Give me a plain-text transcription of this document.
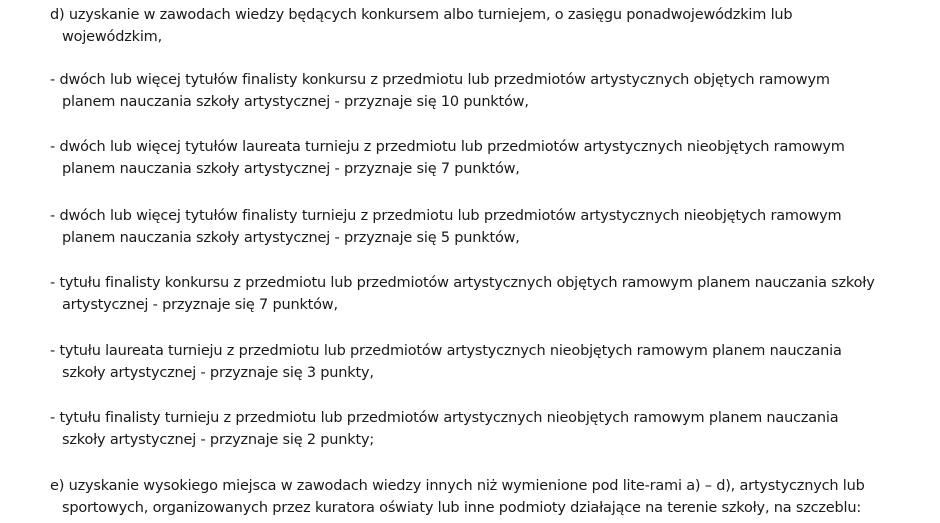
d) uzyskanie w zawodach wiedzy będących konkursem albo turniejem, o zasięgu ponadwojewódzkim lub
wojewódzkim,

- dwóch lub więcej tytułów finalisty konkursu z przedmiotu lub przedmiotów artystycznych objętych ramowym
planem nauczania szkoły artystycznej - przyznaje się 10 punktów,

- dwóch lub więcej tytułów laureata turnieju z przedmiotu lub przedmiotów artystycznych nieobjętych ramowym
planem nauczania szkoły artystycznej - przyznaje się 7 punktów,

- dwóch lub więcej tytułów finalisty turnieju z przedmiotu lub przedmiotów artystycznych nieobjętych ramowym
planem nauczania szkoły artystycznej - przyznaje się 5 punktów,

- tytułu finalisty konkursu z przedmiotu lub przedmiotów artystycznych objętych ramowym planem nauczania szkoły
artystycznej - przyznaje się 7 punktów,

- tytułu laureata turnieju z przedmiotu lub przedmiotów artystycznych nieobjętych ramowym planem nauczania
szkoły artystycznej - przyznaje się 3 punkty,

- tytułu finalisty turnieju z przedmiotu lub przedmiotów artystycznych nieobjętych ramowym planem nauczania
szkoły artystycznej - przyznaje się 2 punkty;

e) uzyskanie wysokiego miejsca w zawodach wiedzy innych niż wymienione pod lite-rami a) – d), artystycznych lub
sportowych, organizowanych przez kuratora oświaty lub inne podmioty działające na terenie szkoły, na szczeblu:
